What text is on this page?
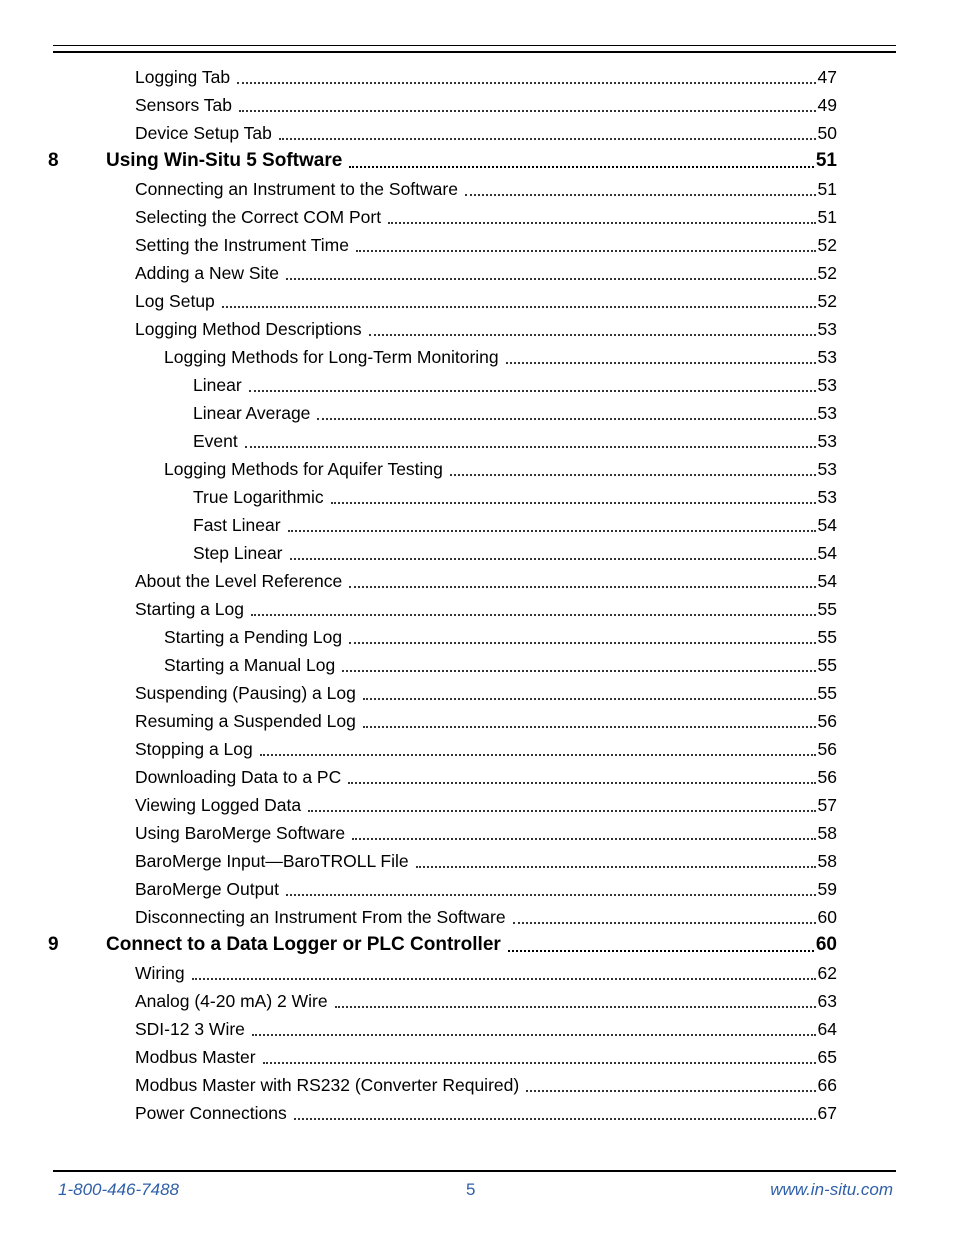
Logging Tab	47
Sensors Tab	49
Device Setup Tab	50
8	Using Win-Situ 5 Software	51
Connecting an Instrument to the Software	51
Selecting the Correct COM Port	51
Setting the Instrument Time	52
Adding a New Site	52
Log Setup	52
Logging Method Descriptions	53
Logging Methods for Long-Term Monitoring	53
Linear	53
Linear Average	53
Event	53
Logging Methods for Aquifer Testing	53
True Logarithmic	53
Fast Linear	54
Step Linear	54
About the Level Reference	54
Starting a Log	55
Starting a Pending Log	55
Starting a Manual Log	55
Suspending (Pausing) a Log	55
Resuming a Suspended Log	56
Stopping a Log	56
Downloading Data to a PC	56
Viewing Logged Data	57
Using BaroMerge Software	58
BaroMerge Input—BaroTROLL File	58
BaroMerge Output	59
Disconnecting an Instrument From the Software	60
9	Connect to a Data Logger or PLC Controller	60
Wiring	62
Analog (4-20 mA) 2 Wire	63
SDI-12 3 Wire	64
Modbus Master	65
Modbus Master with RS232 (Converter Required)	66
Power Connections	67
1-800-446-7488	5	www.in-situ.com
